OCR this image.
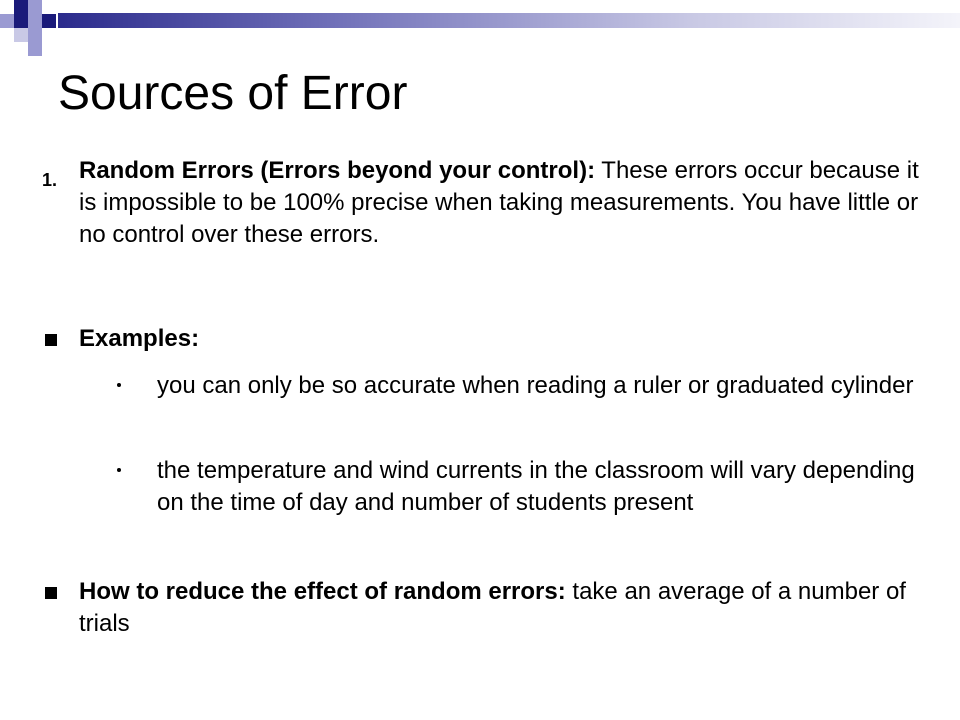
Sources of Error
1. Random Errors (Errors beyond your control): These errors occur because it is impossible to be 100% precise when taking measurements. You have little or no control over these errors.
Examples:
you can only be so accurate when reading a ruler or graduated cylinder
the temperature and wind currents in the classroom will vary depending on the time of day and number of students present
How to reduce the effect of random errors: take an average of a number of trials
